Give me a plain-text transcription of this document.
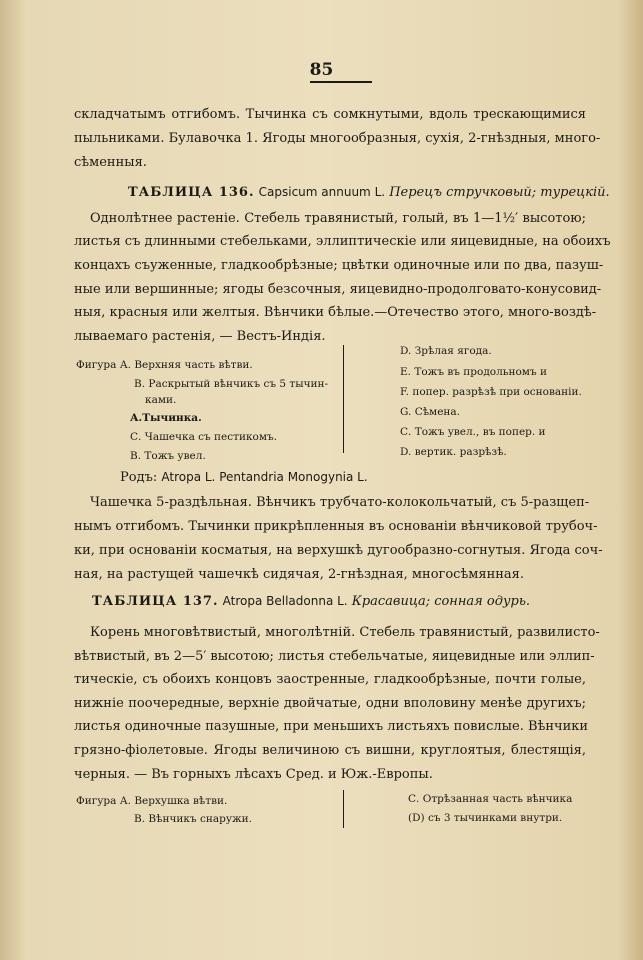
85
складчатымъ отгибомъ. Тычинка съ сомкнутыми, вдоль трескающимися
пыльниками. Булавочка 1. Ягоды многообразныя, сухія, 2-гнѣздныя, много-
сѣменныя.
ТАБЛИЦА 136. Capsicum annuum L. Перецъ стручковый; турецкій.
Однолѣтнее растеніе. Стебель травянистый, голый, въ 1—1½′ высотою;
листья съ длинными стебельками, эллиптическіе или яицевидные, на обоихъ
концахъ съуженные, гладкообрѣзные; цвѣтки одиночные или по два, пазуш-
ные или вершинные; ягоды безсочныя, яицевидно-продолговато-конусовид-
ныя, красныя или желтыя. Вѣнчики бѣлые.—Отечество этого, много-воздѣ-
лываемаго растенія, — Вестъ-Индія.
Фигура А. Верхняя часть вѣтви.
В. Раскрытый вѣнчикъ съ 5 тычин-
ками.
А.Тычинка.
С. Чашечка съ пестикомъ.
В. Тожъ увел.
D. Зрѣлая ягода.
Е. Тожъ въ продольномъ и
F. попер. разрѣзѣ при основаніи.
G. Сѣмена.
С. Тожъ увел., въ попер. и
D. вертик. разрѣзѣ.
Родъ: Atropa L. Pentandria Monogynia L.
Чашечка 5-раздѣльная. Вѣнчикъ трубчато-колокольчатый, съ 5-разщеп-
нымъ отгибомъ. Тычинки прикрѣпленныя въ основаніи вѣнчиковой трубоч-
ки, при основаніи косматыя, на верхушкѣ дугообразно-согнутыя. Ягода соч-
ная, на растущей чашечкѣ сидячая, 2-гнѣздная, многосѣмянная.
ТАБЛИЦА 137. Atropa Belladonna L. Красавица; сонная одурь.
Корень многовѣтвистый, многолѣтній. Стебель травянистый, развилисто-
вѣтвистый, въ 2—5′ высотою; листья стебельчатые, яицевидные или эллип-
тическіе, съ обоихъ концовъ заостренные, гладкообрѣзные, почти голые,
нижніе поочередные, верхніе двойчатые, одни вполовину менѣе другихъ;
листья одиночные пазушные, при меньшихъ листьяхъ повислые. Вѣнчики
грязно-фіолетовые. Ягоды величиною съ вишни, круглоятыя, блестящія,
черныя. — Въ горныхъ лѣсахъ Сред. и Юж.-Европы.
Фигура А. Верхушка вѣтви.
В. Вѣнчикъ снаружи.
С. Отрѣзанная часть вѣнчика
(D) съ 3 тычинками внутри.
